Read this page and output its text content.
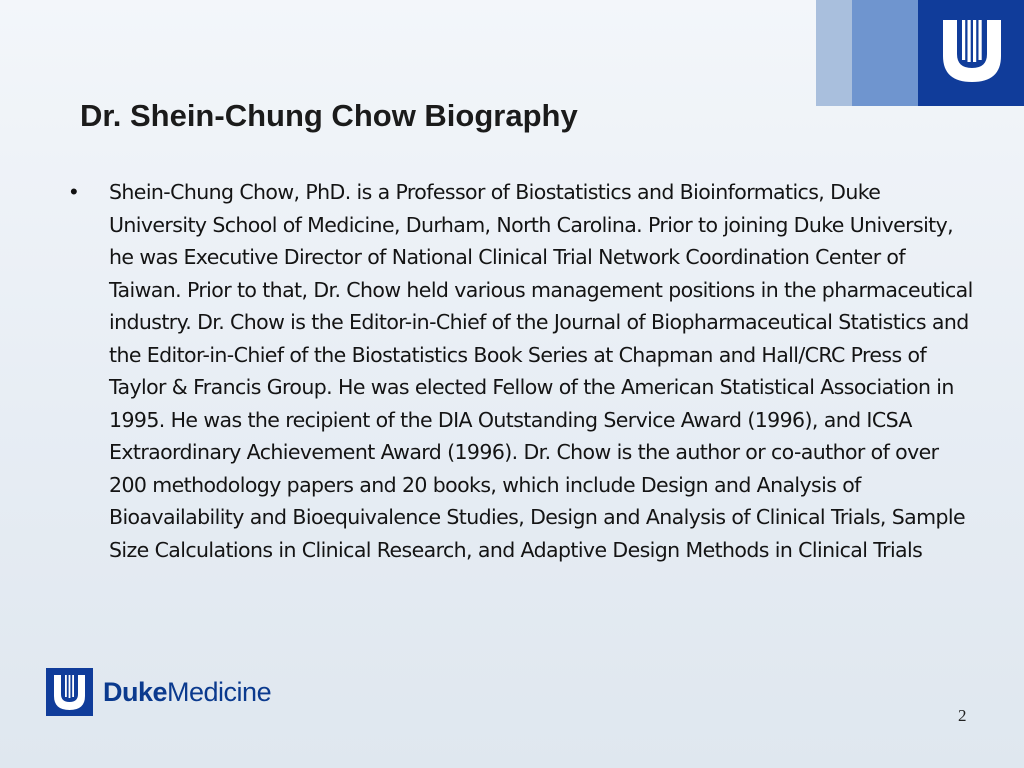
Dr. Shein-Chung Chow Biography
• Shein-Chung Chow, PhD. is a Professor of Biostatistics and Bioinformatics, Duke University School of Medicine, Durham, North Carolina. Prior to joining Duke University, he was Executive Director of National Clinical Trial Network Coordination Center of Taiwan. Prior to that, Dr. Chow held various management positions in the pharmaceutical industry. Dr. Chow is the Editor-in-Chief of the Journal of Biopharmaceutical Statistics and the Editor-in-Chief of the Biostatistics Book Series at Chapman and Hall/CRC Press of Taylor & Francis Group. He was elected Fellow of the American Statistical Association in 1995. He was the recipient of the DIA Outstanding Service Award (1996), and ICSA Extraordinary Achievement Award (1996). Dr. Chow is the author or co-author of over 200 methodology papers and 20 books, which include Design and Analysis of Bioavailability and Bioequivalence Studies, Design and Analysis of Clinical Trials, Sample Size Calculations in Clinical Research, and Adaptive Design Methods in Clinical Trials
DukeMedicine
2
